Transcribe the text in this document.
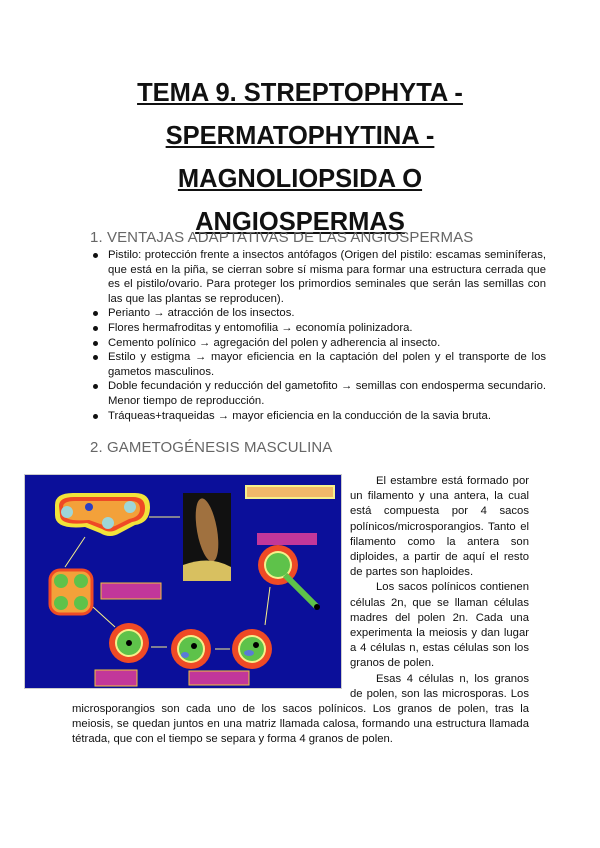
TEMA 9. STREPTOPHYTA -
SPERMATOPHYTINA -
MAGNOLIOPSIDA O
ANGIOSPERMAS
1. VENTAJAS ADAPTATIVAS DE LAS ANGIOSPERMAS
Pistilo: protección frente a insectos antófagos (Origen del pistilo: escamas seminíferas, que está en la piña, se cierran sobre sí misma para formar una estructura cerrada que es el pistilo/ovario. Para proteger los primordios seminales que serán las semillas con las que las plantas se reproducen).
Perianto → atracción de los insectos.
Flores hermafroditas y entomofilia → economía polinizadora.
Cemento polínico → agregación del polen y adherencia al insecto.
Estilo y estigma → mayor eficiencia en la captación del polen y el transporte de los gametos masculinos.
Doble fecundación y reducción del gametofito → semillas con endosperma secundario. Menor tiempo de reproducción.
Tráqueas+traqueidas → mayor eficiencia en la conducción de la savia bruta.
2. GAMETOGÉNESIS MASCULINA

El estambre está formado por un filamento y una antera, la cual está compuesta por 4 sacos polínicos/microsporangios. Tanto el filamento como la antera son diploides, a partir de aquí el resto de partes son haploides.

Los sacos polínicos contienen células 2n, que se llaman células madres del polen 2n. Cada una experimenta la meiosis y dan lugar a 4 células n, estas células son los granos de polen.

Esas 4 células n, los granos de polen, son las microsporas. Los microsporangios son cada uno de los sacos polínicos. Los granos de polen, tras la meiosis, se quedan juntos en una matriz llamada calosa, formando una estructura llamada tétrada, que con el tiempo se separa y forma 4 granos de polen.
